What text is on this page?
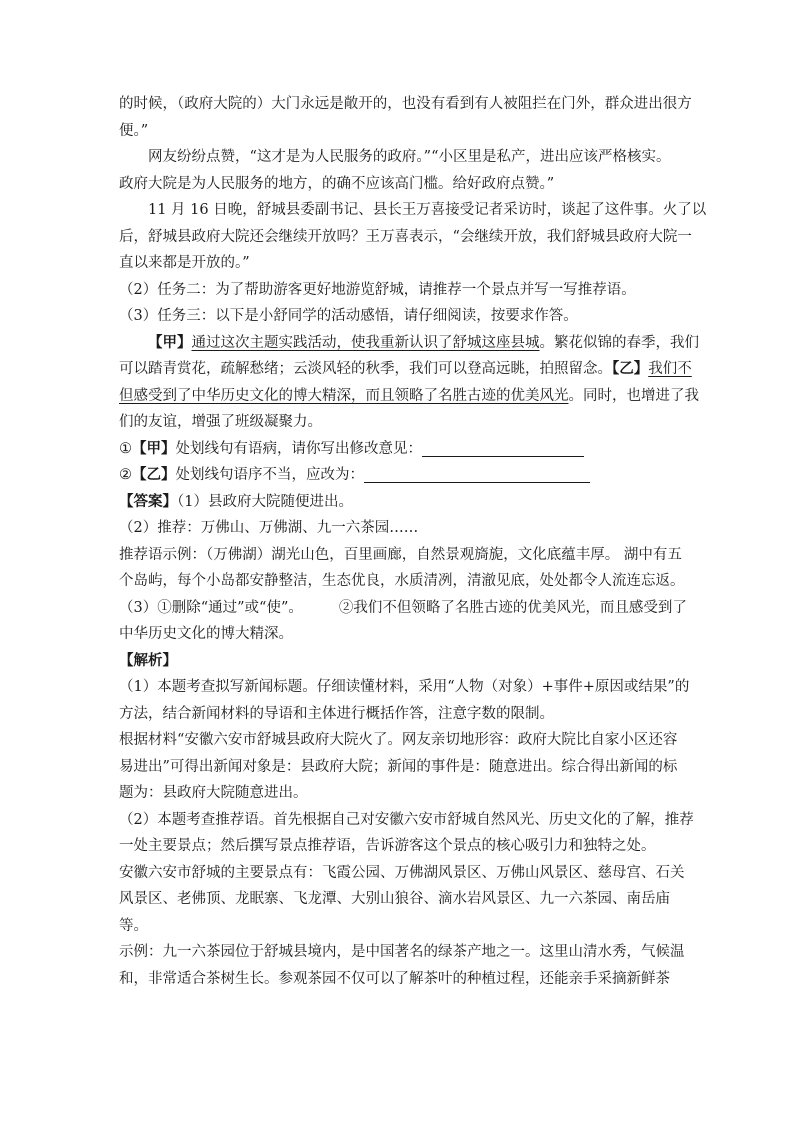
的时候，（政府大院的）大门永远是敞开的，也没有看到有人被阻拦在门外，群众进出很方
便。”
网友纷纷点赞，“这才是为人民服务的政府。”“小区里是私产，进出应该严格核实。
政府大院是为人民服务的地方，的确不应该高门槛。给好政府点赞。”
11 月 16 日晚，舒城县委副书记、县长王万喜接受记者采访时，谈起了这件事。火了以
后，舒城县政府大院还会继续开放吗？王万喜表示，“会继续开放，我们舒城县政府大院一
直以来都是开放的。”
（2）任务二：为了帮助游客更好地游览舒城，请推荐一个景点并写一写推荐语。
（3）任务三：以下是小舒同学的活动感悟，请仔细阅读，按要求作答。
【甲】通过这次主题实践活动，使我重新认识了舒城这座县城。繁花似锦的春季，我们
可以踏青赏花，疏解愁绪；云淡风轻的秋季，我们可以登高远眺，拍照留念。【乙】我们不
但感受到了中华历史文化的博大精深，而且领略了名胜古迹的优美风光。同时，也增进了我
们的友谊，增强了班级凝聚力。
①【甲】处划线句有语病，请你写出修改意见：
②【乙】处划线句语序不当，应改为：
【答案】（1）县政府大院随便进出。
（2）推荐：万佛山、万佛湖、九一六茶园……
推荐语示例：（万佛湖）湖光山色，百里画廊，自然景观旖旎，文化底蕴丰厚。 湖中有五
个岛屿，每个小岛都安静整洁，生态优良，水质清冽，清澈见底，处处都令人流连忘返。
（3）①删除“通过”或“使”。 ②我们不但领略了名胜古迹的优美风光，而且感受到了
中华历史文化的博大精深。
【解析】
（1）本题考查拟写新闻标题。仔细读懂材料，采用“人物（对象）+事件+原因或结果”的
方法，结合新闻材料的导语和主体进行概括作答，注意字数的限制。
根据材料“安徽六安市舒城县政府大院火了。网友亲切地形容：政府大院比自家小区还容
易进出”可得出新闻对象是：县政府大院；新闻的事件是：随意进出。综合得出新闻的标
题为：县政府大院随意进出。
（2）本题考查推荐语。首先根据自己对安徽六安市舒城自然风光、历史文化的了解，推荐
一处主要景点；然后撰写景点推荐语，告诉游客这个景点的核心吸引力和独特之处。
安徽六安市舒城的主要景点有：飞霞公园、万佛湖风景区、万佛山风景区、慈母宫、石关
风景区、老佛顶、龙眠寨、飞龙潭、大别山狼谷、滴水岩风景区、九一六茶园、南岳庙
等。
示例：九一六茶园位于舒城县境内，是中国著名的绿茶产地之一。这里山清水秀，气候温
和，非常适合茶树生长。参观茶园不仅可以了解茶叶的种植过程，还能亲手采摘新鲜茶
